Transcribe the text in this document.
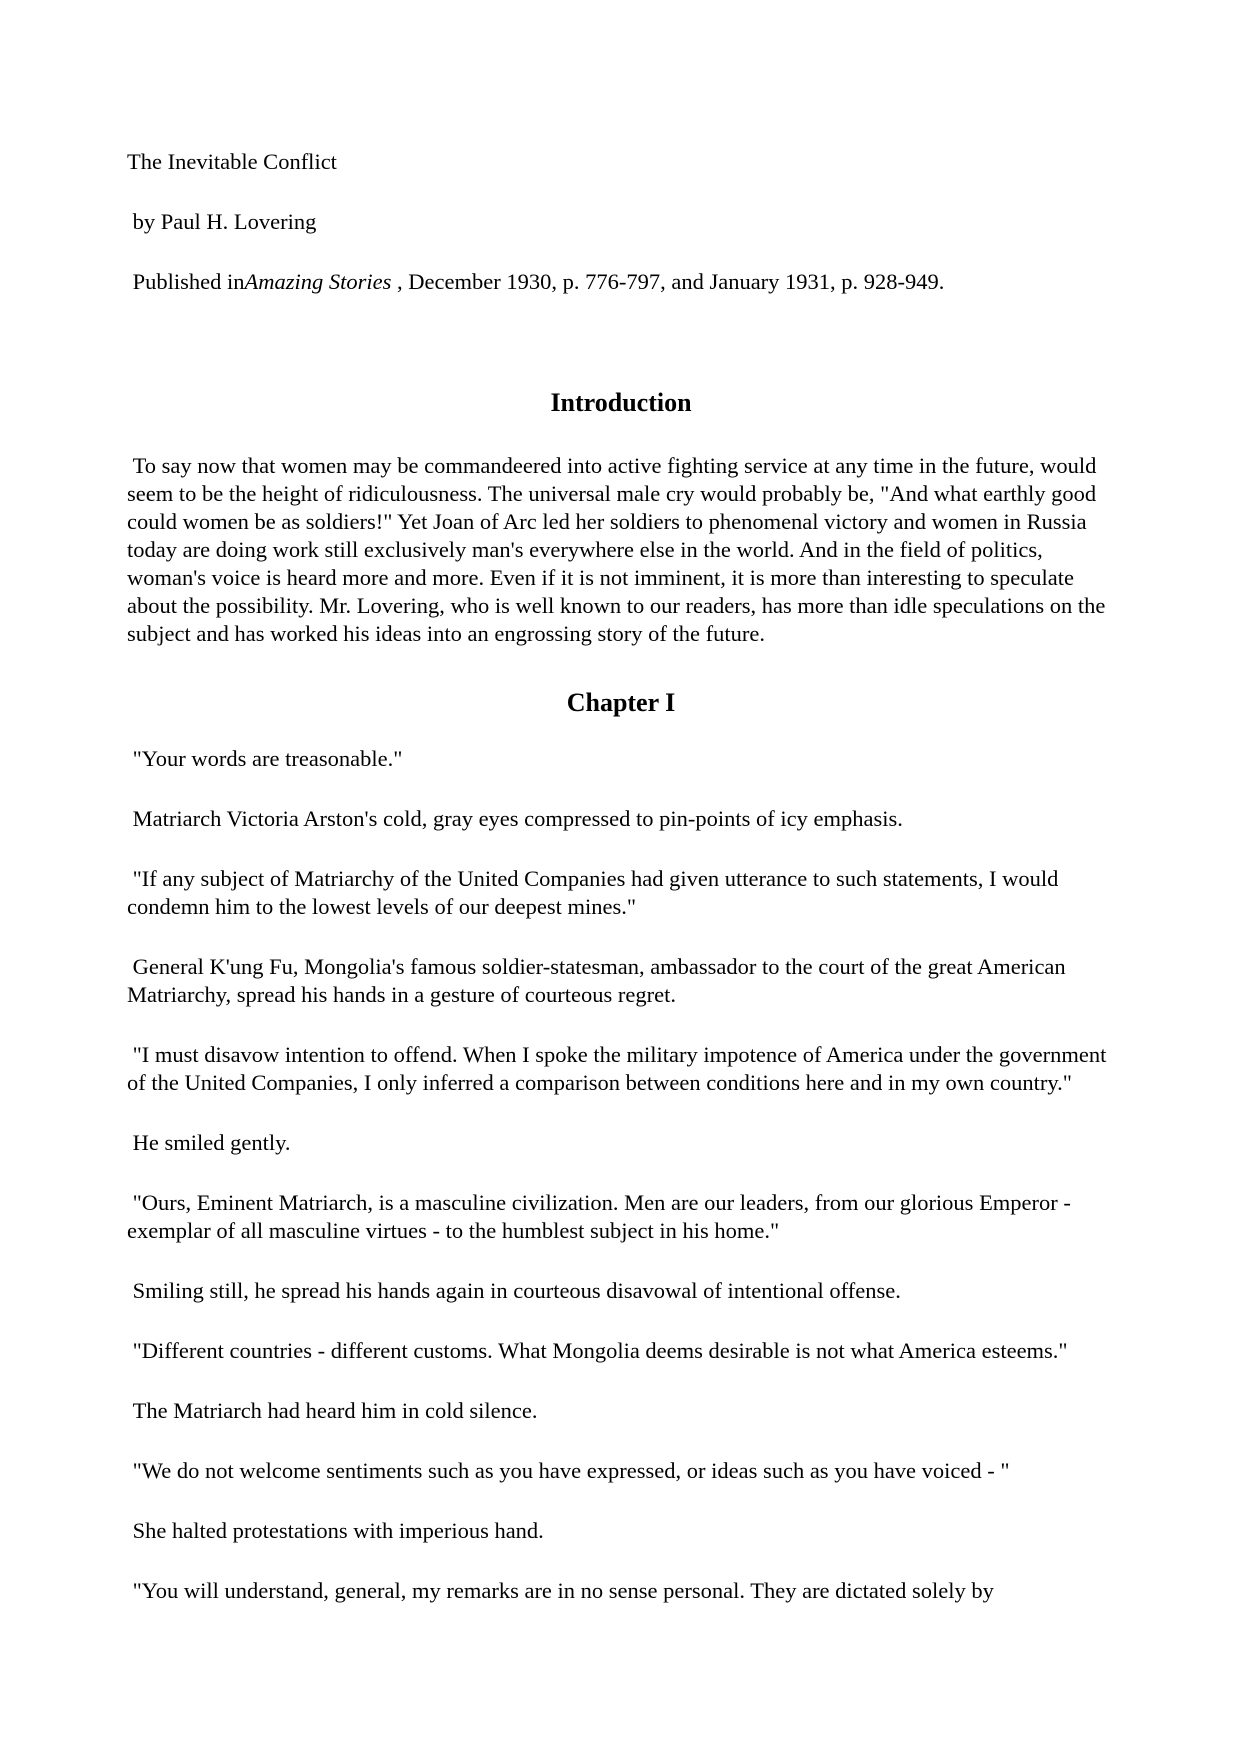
The Inevitable Conflict

by Paul H. Lovering

Published inAmazing Stories , December 1930, p. 776-797, and January 1931, p. 928-949.

Introduction

To say now that women may be commandeered into active fighting service at any time in the future, would seem to be the height of ridiculousness. The universal male cry would probably be, "And what earthly good could women be as soldiers!" Yet Joan of Arc led her soldiers to phenomenal victory and women in Russia today are doing work still exclusively man's everywhere else in the world. And in the field of politics, woman's voice is heard more and more. Even if it is not imminent, it is more than interesting to speculate about the possibility. Mr. Lovering, who is well known to our readers, has more than idle speculations on the subject and has worked his ideas into an engrossing story of the future.

Chapter I

"Your words are treasonable."

Matriarch Victoria Arston's cold, gray eyes compressed to pin-points of icy emphasis.

"If any subject of Matriarchy of the United Companies had given utterance to such statements, I would condemn him to the lowest levels of our deepest mines."

General K'ung Fu, Mongolia's famous soldier-statesman, ambassador to the court of the great American Matriarchy, spread his hands in a gesture of courteous regret.

"I must disavow intention to offend. When I spoke the military impotence of America under the government of the United Companies, I only inferred a comparison between conditions here and in my own country."

He smiled gently.

"Ours, Eminent Matriarch, is a masculine civilization. Men are our leaders, from our glorious Emperor - exemplar of all masculine virtues - to the humblest subject in his home."

Smiling still, he spread his hands again in courteous disavowal of intentional offense.

"Different countries - different customs. What Mongolia deems desirable is not what America esteems."

The Matriarch had heard him in cold silence.

"We do not welcome sentiments such as you have expressed, or ideas such as you have voiced - "

She halted protestations with imperious hand.

"You will understand, general, my remarks are in no sense personal. They are dictated solely by
